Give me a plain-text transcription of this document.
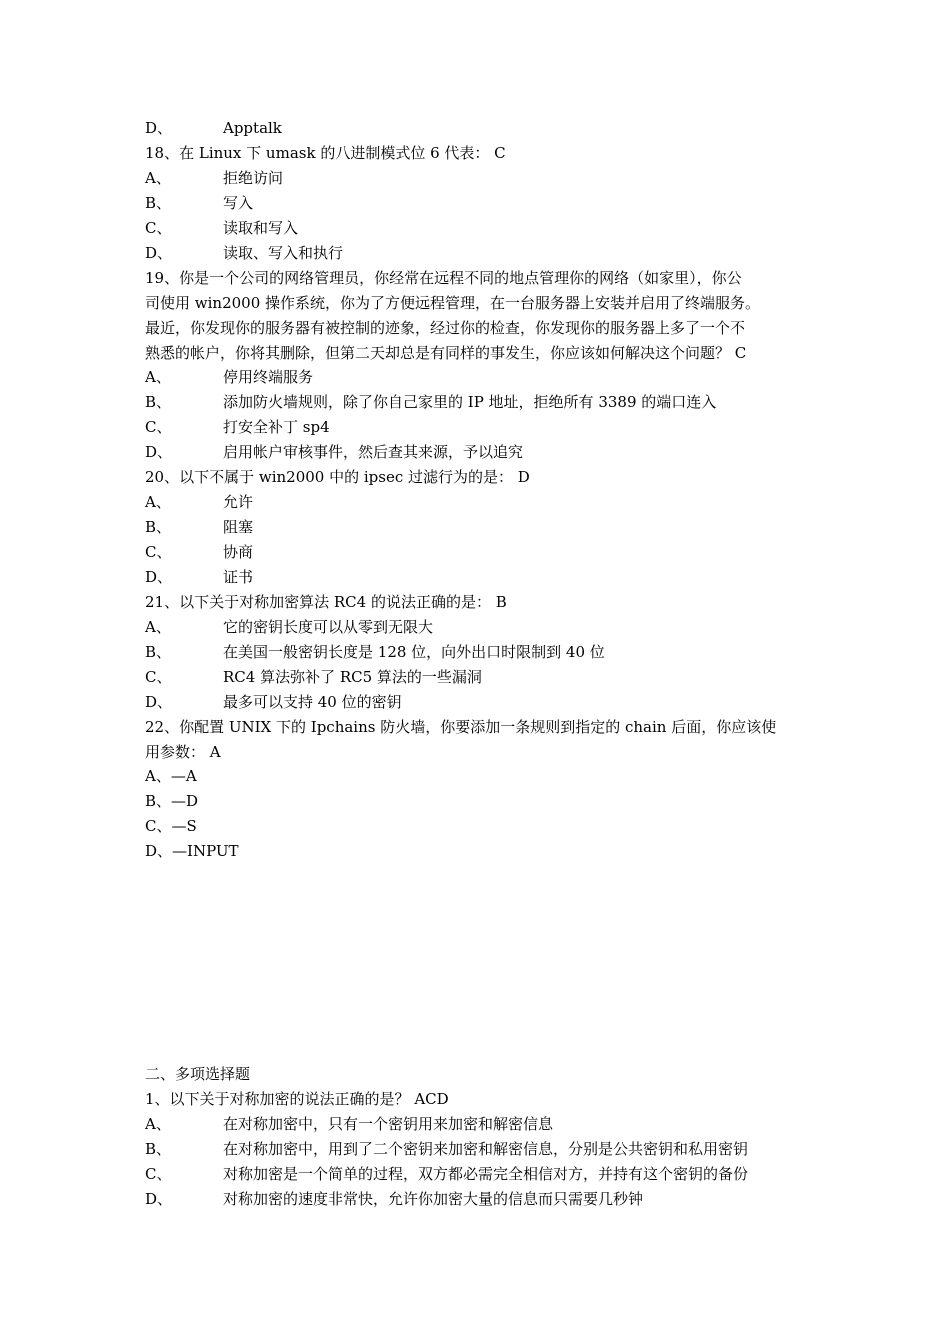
D、	Apptalk
18、在 Linux 下 umask 的八进制模式位 6 代表： C
A、	拒绝访问
B、	写入
C、	读取和写入
D、	读取、写入和执行
19、你是一个公司的网络管理员，你经常在远程不同的地点管理你的网络（如家里），你公
司使用 win2000 操作系统，你为了方便远程管理，在一台服务器上安装并启用了终端服务。
最近，你发现你的服务器有被控制的迹象，经过你的检查，你发现你的服务器上多了一个不
熟悉的帐户，你将其删除，但第二天却总是有同样的事发生，你应该如何解决这个问题？ C
A、	停用终端服务
B、	添加防火墙规则，除了你自己家里的 IP 地址，拒绝所有 3389 的端口连入
C、	打安全补丁 sp4
D、	启用帐户审核事件，然后查其来源，予以追究
20、以下不属于 win2000 中的 ipsec 过滤行为的是： D
A、	允许
B、	阻塞
C、	协商
D、	证书
21、以下关于对称加密算法 RC4 的说法正确的是： B
A、	它的密钥长度可以从零到无限大
B、	在美国一般密钥长度是 128 位，向外出口时限制到 40 位
C、	RC4 算法弥补了 RC5 算法的一些漏洞
D、	最多可以支持 40 位的密钥
22、你配置 UNIX 下的 Ipchains 防火墙，你要添加一条规则到指定的 chain 后面，你应该使
用参数： A
A、—A
B、—D
C、—S
D、—INPUT
二、多项选择题
1、以下关于对称加密的说法正确的是？ ACD
A、	在对称加密中，只有一个密钥用来加密和解密信息
B、	在对称加密中，用到了二个密钥来加密和解密信息，分别是公共密钥和私用密钥
C、	对称加密是一个简单的过程，双方都必需完全相信对方，并持有这个密钥的备份
D、	对称加密的速度非常快，允许你加密大量的信息而只需要几秒钟
